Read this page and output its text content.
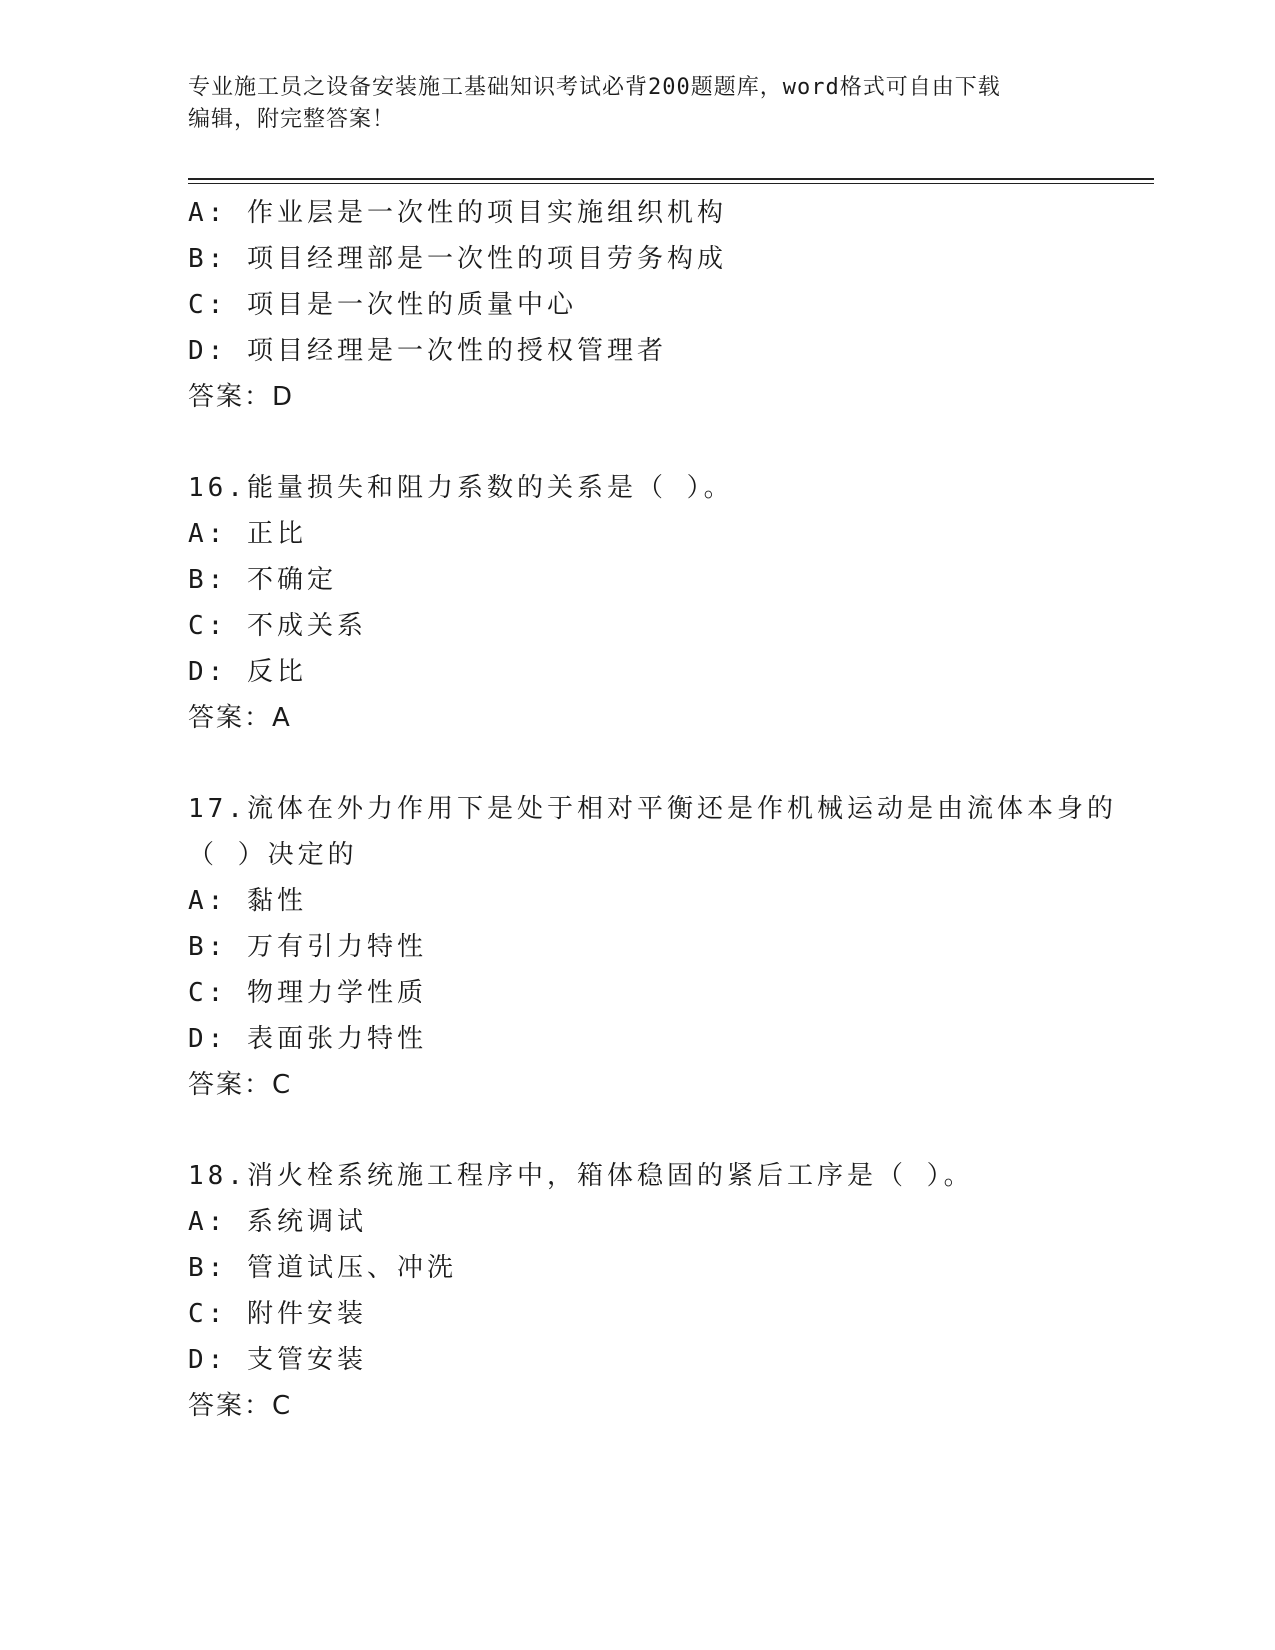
专业施工员之设备安装施工基础知识考试必背200题题库，word格式可自由下载
编辑，附完整答案！
A: 作业层是一次性的项目实施组织机构
B: 项目经理部是一次性的项目劳务构成
C: 项目是一次性的质量中心
D: 项目经理是一次性的授权管理者
答案：D
16.能量损失和阻力系数的关系是（ ）。
A: 正比
B: 不确定
C: 不成关系
D: 反比
答案：A
17.流体在外力作用下是处于相对平衡还是作机械运动是由流体本身的
（ ）决定的
A: 黏性
B: 万有引力特性
C: 物理力学性质
D: 表面张力特性
答案：C
18.消火栓系统施工程序中，箱体稳固的紧后工序是（ ）。
A: 系统调试
B: 管道试压、冲洗
C: 附件安装
D: 支管安装
答案：C
